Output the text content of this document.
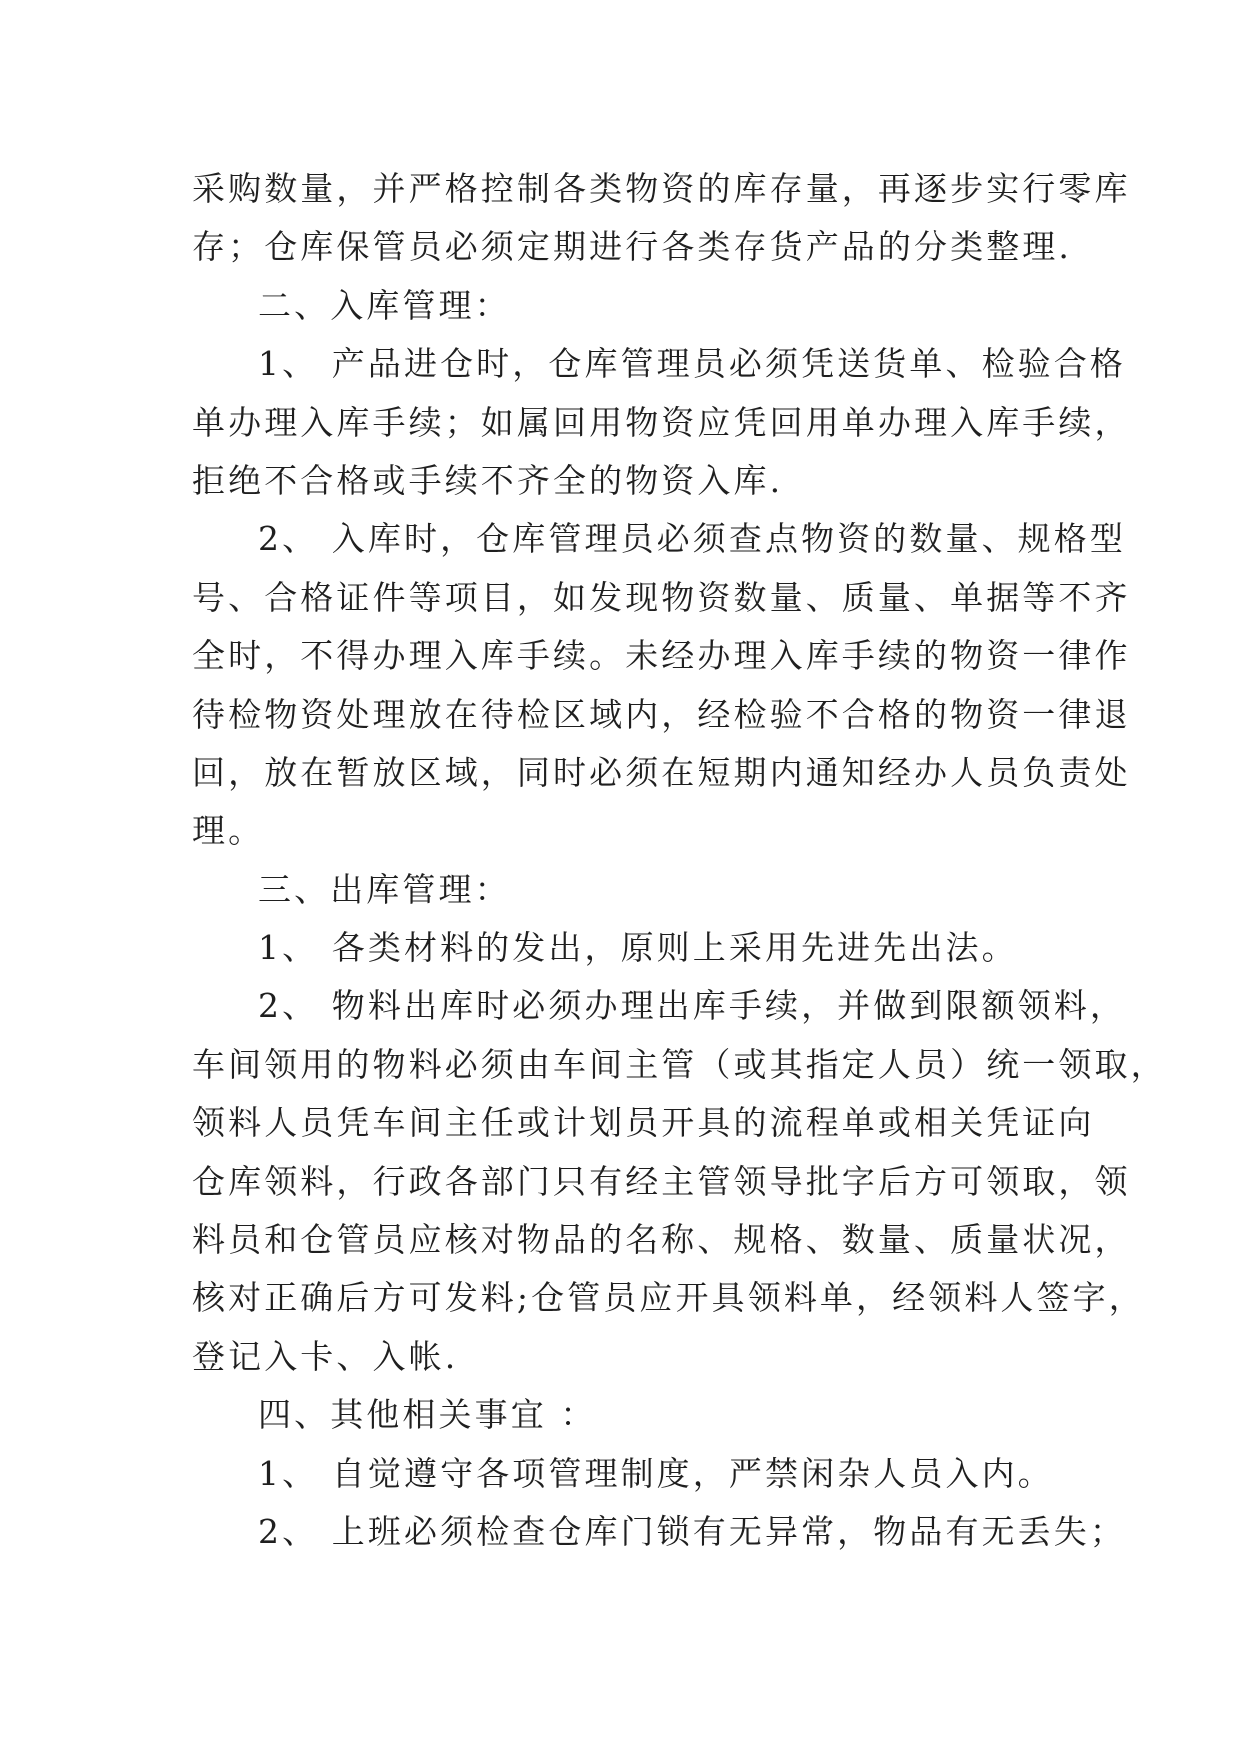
采购数量，并严格控制各类物资的库存量，再逐步实行零库
存；仓库保管员必须定期进行各类存货产品的分类整理.
二、入库管理：
1、 产品进仓时，仓库管理员必须凭送货单、检验合格
单办理入库手续；如属回用物资应凭回用单办理入库手续，
拒绝不合格或手续不齐全的物资入库.
2、 入库时，仓库管理员必须查点物资的数量、规格型
号、合格证件等项目，如发现物资数量、质量、单据等不齐
全时，不得办理入库手续。未经办理入库手续的物资一律作
待检物资处理放在待检区域内，经检验不合格的物资一律退
回，放在暂放区域，同时必须在短期内通知经办人员负责处
理。
三、出库管理：
1、 各类材料的发出，原则上采用先进先出法。
2、 物料出库时必须办理出库手续，并做到限额领料，
车间领用的物料必须由车间主管（或其指定人员）统一领取，
领料人员凭车间主任或计划员开具的流程单或相关凭证向
仓库领料，行政各部门只有经主管领导批字后方可领取，领
料员和仓管员应核对物品的名称、规格、数量、质量状况，
核对正确后方可发料;仓管员应开具领料单，经领料人签字，
登记入卡、入帐.
四、其他相关事宜 ：
1、 自觉遵守各项管理制度，严禁闲杂人员入内。
2、 上班必须检查仓库门锁有无异常，物品有无丢失；
